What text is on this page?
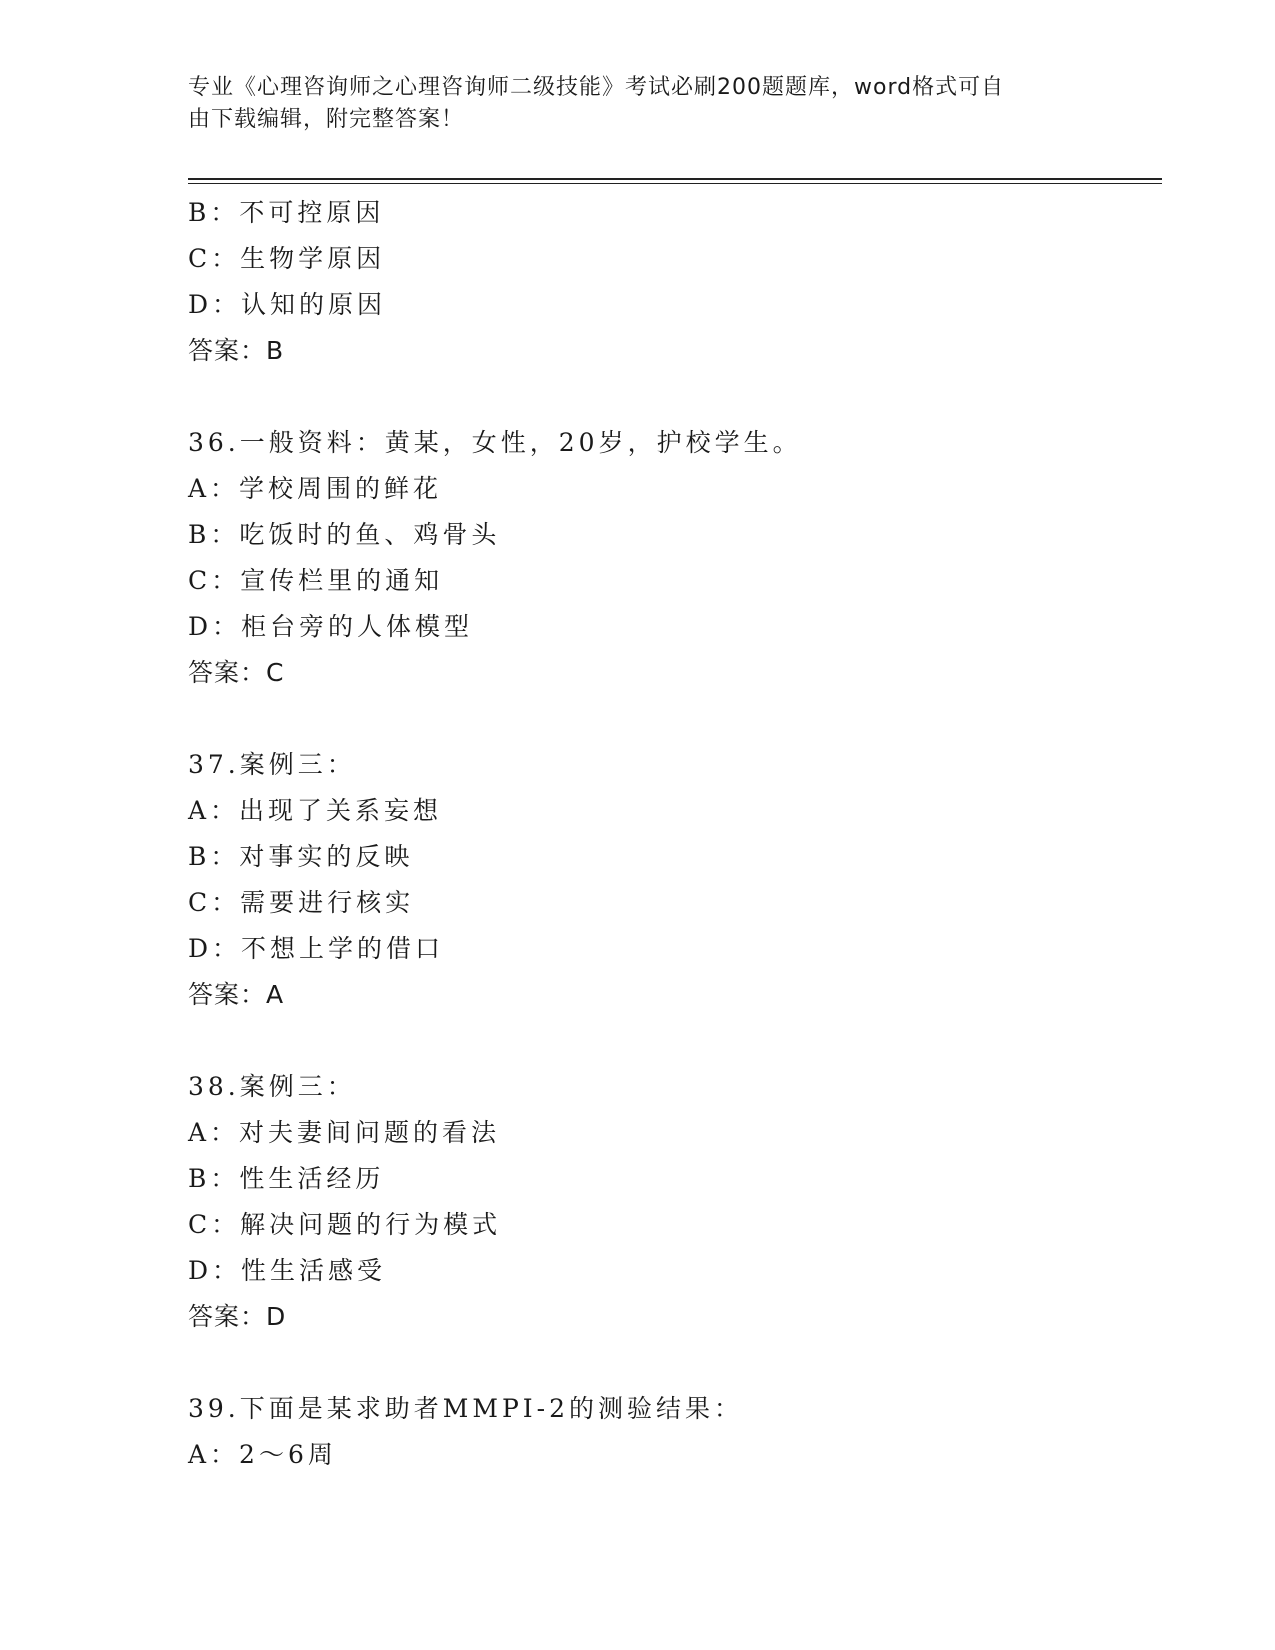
专业《心理咨询师之心理咨询师二级技能》考试必刷200题题库，word格式可自
由下载编辑，附完整答案！
B：不可控原因
C：生物学原因
D：认知的原因
答案：B
36.一般资料：黄某，女性，20岁，护校学生。
A：学校周围的鲜花
B：吃饭时的鱼、鸡骨头
C：宣传栏里的通知
D：柜台旁的人体模型
答案：C
37.案例三：
A：出现了关系妄想
B：对事实的反映
C：需要进行核实
D：不想上学的借口
答案：A
38.案例三：
A：对夫妻间问题的看法
B：性生活经历
C：解决问题的行为模式
D：性生活感受
答案：D
39.下面是某求助者MMPI-2的测验结果：
A：2～6周
